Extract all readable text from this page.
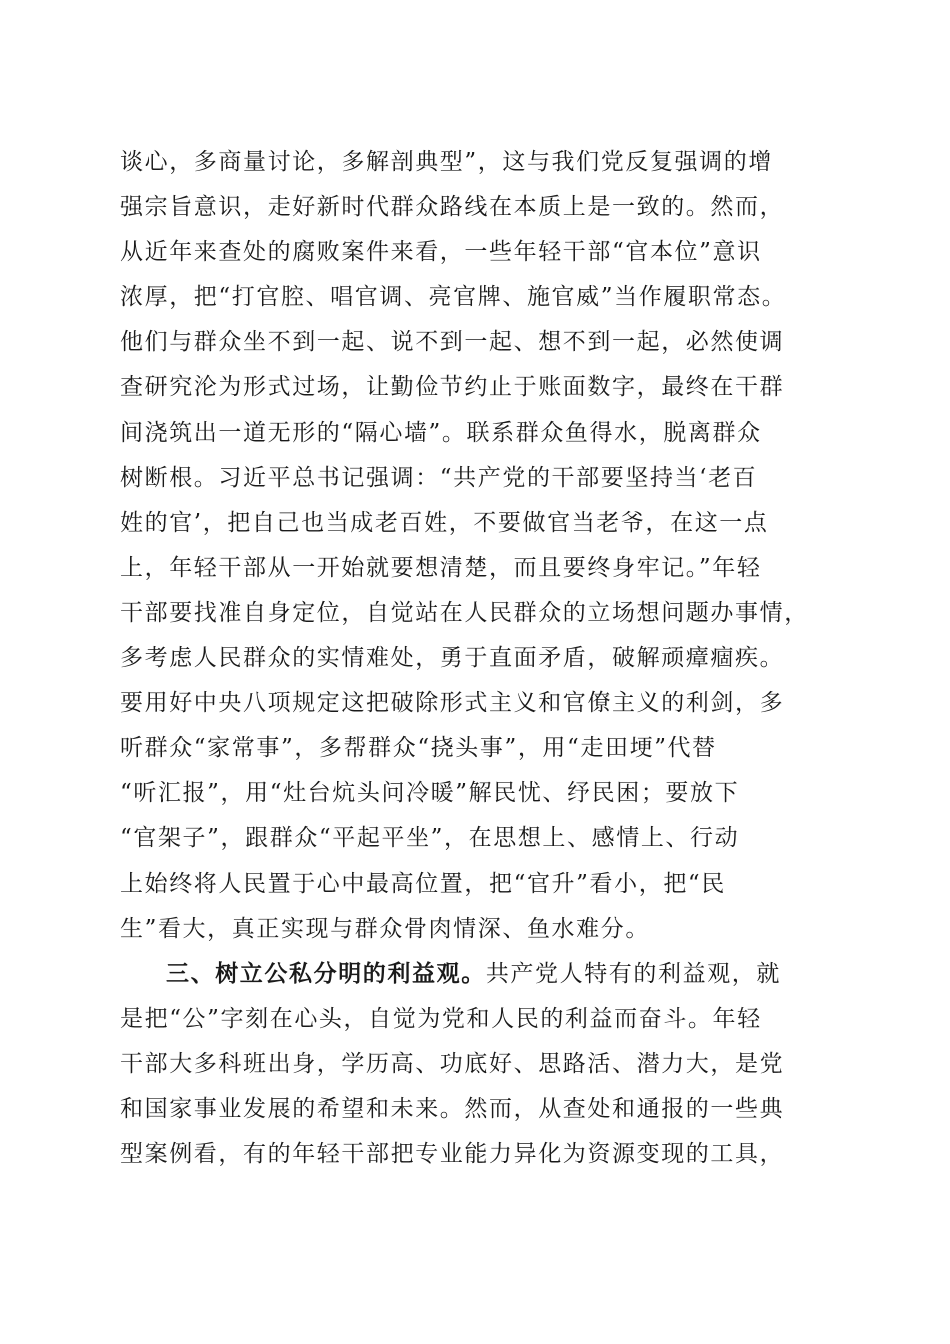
谈心，多商量讨论，多解剖典型”，这与我们党反复强调的增
强宗旨意识，走好新时代群众路线在本质上是一致的。然而，
从近年来查处的腐败案件来看，一些年轻干部“官本位”意识
浓厚，把“打官腔、唱官调、亮官牌、施官威”当作履职常态。
他们与群众坐不到一起、说不到一起、想不到一起，必然使调
查研究沦为形式过场，让勤俭节约止于账面数字，最终在干群
间浇筑出一道无形的“隔心墙”。联系群众鱼得水，脱离群众
树断根。习近平总书记强调：“共产党的干部要坚持当‘老百
姓的官’，把自己也当成老百姓，不要做官当老爷，在这一点
上，年轻干部从一开始就要想清楚，而且要终身牢记。”年轻
干部要找准自身定位，自觉站在人民群众的立场想问题办事情，
多考虑人民群众的实情难处，勇于直面矛盾，破解顽瘴痼疾。
要用好中央八项规定这把破除形式主义和官僚主义的利剑，多
听群众“家常事”，多帮群众“挠头事”，用“走田埂”代替
“听汇报”，用“灶台炕头问冷暖”解民忧、纾民困；要放下
“官架子”，跟群众“平起平坐”，在思想上、感情上、行动
上始终将人民置于心中最高位置，把“官升”看小，把“民
生”看大，真正实现与群众骨肉情深、鱼水难分。
三、树立公私分明的利益观。共产党人特有的利益观，就
是把“公”字刻在心头，自觉为党和人民的利益而奋斗。年轻
干部大多科班出身，学历高、功底好、思路活、潜力大，是党
和国家事业发展的希望和未来。然而，从查处和通报的一些典
型案例看，有的年轻干部把专业能力异化为资源变现的工具，
